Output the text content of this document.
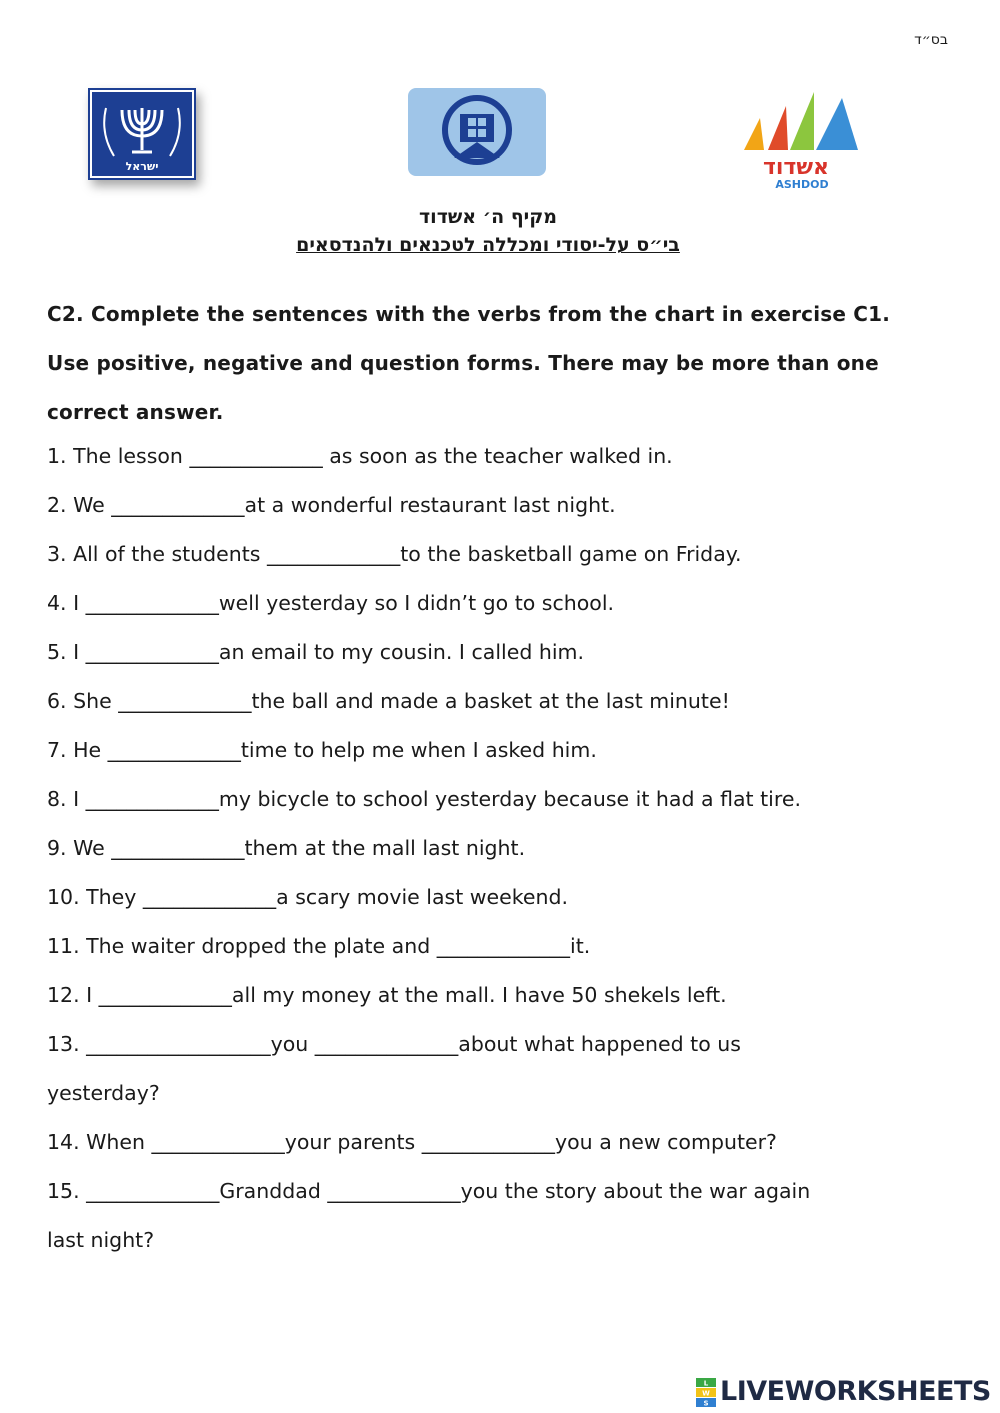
בס״ד
ישראל	אשדוד
ASHDOD
מקיף ה׳ אשדוד
בי״ס על-יסודי ומכללה לטכנאים ולהנדסאים
C2. Complete the sentences with the verbs from the chart in exercise C1.
Use positive, negative and question forms. There may be more than one
correct answer.
1. The lesson _____________ as soon as the teacher walked in.
2. We _____________at a wonderful restaurant last night.
3. All of the students _____________to the basketball game on Friday.
4. I _____________well yesterday so I didn’t go to school.
5. I _____________an email to my cousin. I called him.
6. She _____________the ball and made a basket at the last minute!
7. He _____________time to help me when I asked him.
8. I _____________my bicycle to school yesterday because it had a flat tire.
9. We _____________them at the mall last night.
10. They _____________a scary movie last weekend.
11. The waiter dropped the plate and _____________it.
12. I _____________all my money at the mall. I have 50 shekels left.
13. __________________you ______________about what happened to us
yesterday?
14. When _____________your parents _____________you a new computer?
15. _____________Granddad _____________you the story about the war again
last night?
L
W
S LIVEWORKSHEETS
